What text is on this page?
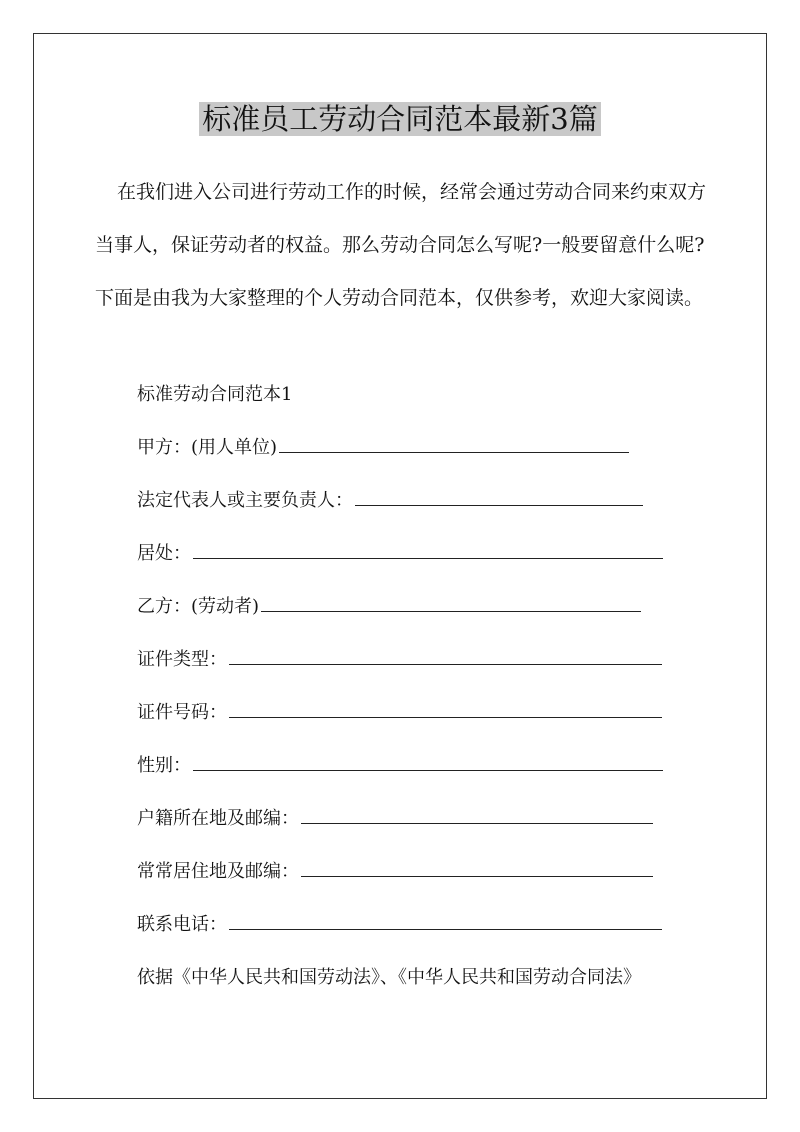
标准员工劳动合同范本最新3篇

在我们进入公司进行劳动工作的时候，经常会通过劳动合同来约束双方当事人，保证劳动者的权益。那么劳动合同怎么写呢?一般要留意什么呢?下面是由我为大家整理的个人劳动合同范本，仅供参考，欢迎大家阅读。

标准劳动合同范本1
甲方：(用人单位)
法定代表人或主要负责人：
居处：
乙方：(劳动者)
证件类型：
证件号码：
性别：
户籍所在地及邮编：
常常居住地及邮编：
联系电话：
依据《中华人民共和国劳动法》、《中华人民共和国劳动合同法》
